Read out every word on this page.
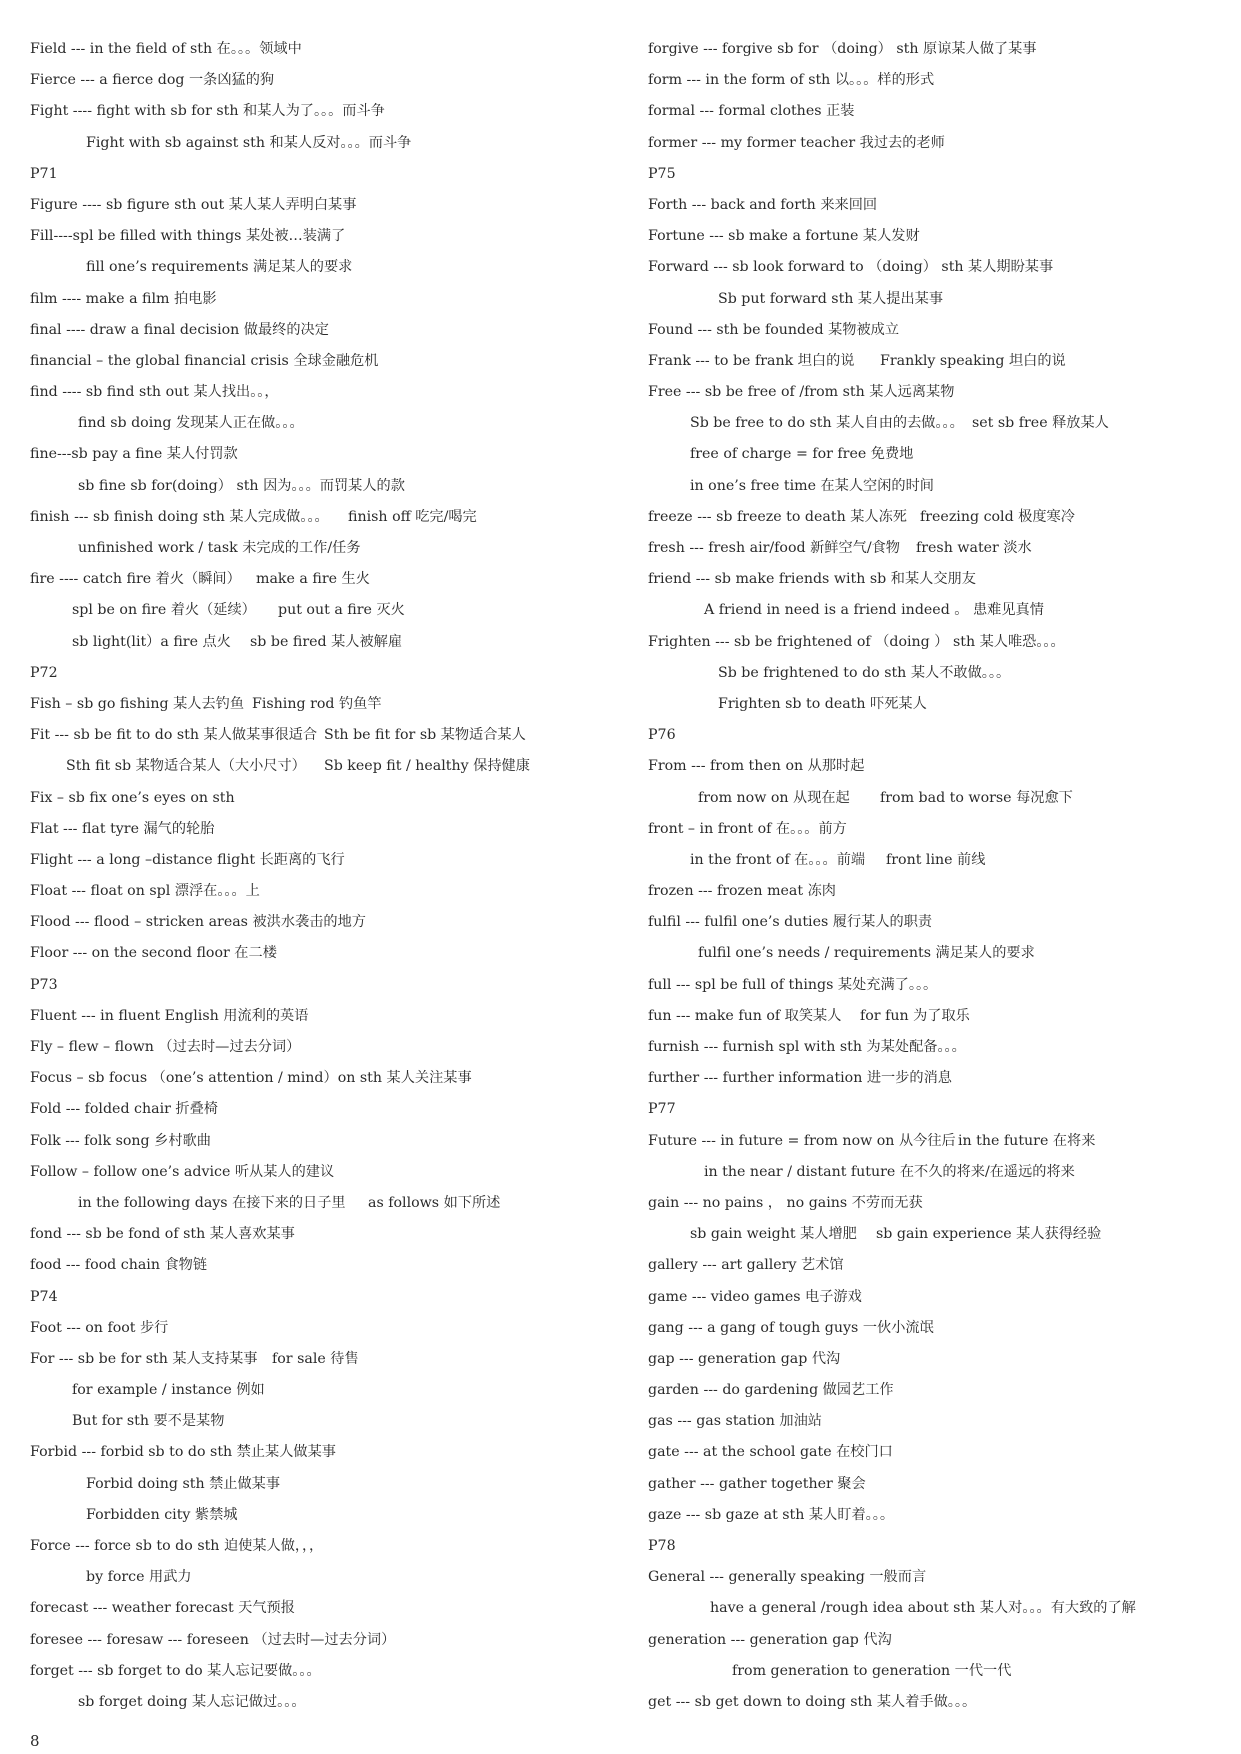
Field --- in the field of sth 在。。。领域中
Fierce --- a fierce dog 一条凶猛的狗
Fight ---- fight with sb for sth 和某人为了。。。而斗争
Fight with sb against sth 和某人反对。。。而斗争
P71
Figure ---- sb figure sth out 某人某人弄明白某事
Fill----spl be filled with things 某处被…装满了
fill one’s requirements 满足某人的要求
film ---- make a film 拍电影
final ---- draw a final decision 做最终的决定
financial – the global financial crisis 全球金融危机
find ---- sb find sth out 某人找出。。，
find sb doing 发现某人正在做。。。
fine---sb pay a fine 某人付罚款
sb fine sb for(doing） sth 因为。。。而罚某人的款
finish --- sb finish doing sth 某人完成做。。。 finish off 吃完/喝完
unfinished work / task 未完成的工作/任务
fire ---- catch fire 着火（瞬间） make a fire 生火
spl be on fire 着火（延续） put out a fire 灭火
sb light(lit）a fire 点火 sb be fired 某人被解雇
P72
Fish – sb go fishing 某人去钓鱼 Fishing rod 钓鱼竿
Fit --- sb be fit to do sth 某人做某事很适合 Sth be fit for sb 某物适合某人
Sth fit sb 某物适合某人（大小尺寸） Sb keep fit / healthy 保持健康
Fix – sb fix one’s eyes on sth
Flat --- flat tyre 漏气的轮胎
Flight --- a long –distance flight 长距离的飞行
Float --- float on spl 漂浮在。。。上
Flood --- flood – stricken areas 被洪水袭击的地方
Floor --- on the second floor 在二楼
P73
Fluent --- in fluent English 用流利的英语
Fly – flew – flown （过去时—过去分词）
Focus – sb focus （one’s attention / mind）on sth 某人关注某事
Fold --- folded chair 折叠椅
Folk --- folk song 乡村歌曲
Follow – follow one’s advice 听从某人的建议
in the following days 在接下来的日子里 as follows 如下所述
fond --- sb be fond of sth 某人喜欢某事
food --- food chain 食物链
P74
Foot --- on foot 步行
For --- sb be for sth 某人支持某事 for sale 待售
for example / instance 例如
But for sth 要不是某物
Forbid --- forbid sb to do sth 禁止某人做某事
Forbid doing sth 禁止做某事
Forbidden city 紫禁城
Force --- force sb to do sth 迫使某人做，，，
by force 用武力
forecast --- weather forecast 天气预报
foresee --- foresaw --- foreseen （过去时—过去分词）
forget --- sb forget to do 某人忘记要做。。。
sb forget doing 某人忘记做过。。。
forgive --- forgive sb for （doing） sth 原谅某人做了某事
form --- in the form of sth 以。。。样的形式
formal --- formal clothes 正装
former --- my former teacher 我过去的老师
P75
Forth --- back and forth 来来回回
Fortune --- sb make a fortune 某人发财
Forward --- sb look forward to （doing） sth 某人期盼某事
Sb put forward sth 某人提出某事
Found --- sth be founded 某物被成立
Frank --- to be frank 坦白的说 Frankly speaking 坦白的说
Free --- sb be free of /from sth 某人远离某物
Sb be free to do sth 某人自由的去做。。。 set sb free 释放某人
free of charge = for free 免费地
in one’s free time 在某人空闲的时间
freeze --- sb freeze to death 某人冻死 freezing cold 极度寒冷
fresh --- fresh air/food 新鲜空气/食物 fresh water 淡水
friend --- sb make friends with sb 和某人交朋友
A friend in need is a friend indeed 。 患难见真情
Frighten --- sb be frightened of （doing ） sth 某人唯恐。。。
Sb be frightened to do sth 某人不敢做。。。
Frighten sb to death 吓死某人
P76
From --- from then on 从那时起
from now on 从现在起 from bad to worse 每况愈下
front – in front of 在。。。前方
in the front of 在。。。前端 front line 前线
frozen --- frozen meat 冻肉
fulfil --- fulfil one’s duties 履行某人的职责
fulfil one’s needs / requirements 满足某人的要求
full --- spl be full of things 某处充满了。。。
fun --- make fun of 取笑某人 for fun 为了取乐
furnish --- furnish spl with sth 为某处配备。。。
further --- further information 进一步的消息
P77
Future --- in future = from now on 从今往后 in the future 在将来
in the near / distant future 在不久的将来/在遥远的将来
gain --- no pains ， no gains 不劳而无获
sb gain weight 某人增肥 sb gain experience 某人获得经验
gallery --- art gallery 艺术馆
game --- video games 电子游戏
gang --- a gang of tough guys 一伙小流氓
gap --- generation gap 代沟
garden --- do gardening 做园艺工作
gas --- gas station 加油站
gate --- at the school gate 在校门口
gather --- gather together 聚会
gaze --- sb gaze at sth 某人盯着。。。
P78
General --- generally speaking 一般而言
have a general /rough idea about sth 某人对。。。有大致的了解
generation --- generation gap 代沟
from generation to generation 一代一代
get --- sb get down to doing sth 某人着手做。。。
8
